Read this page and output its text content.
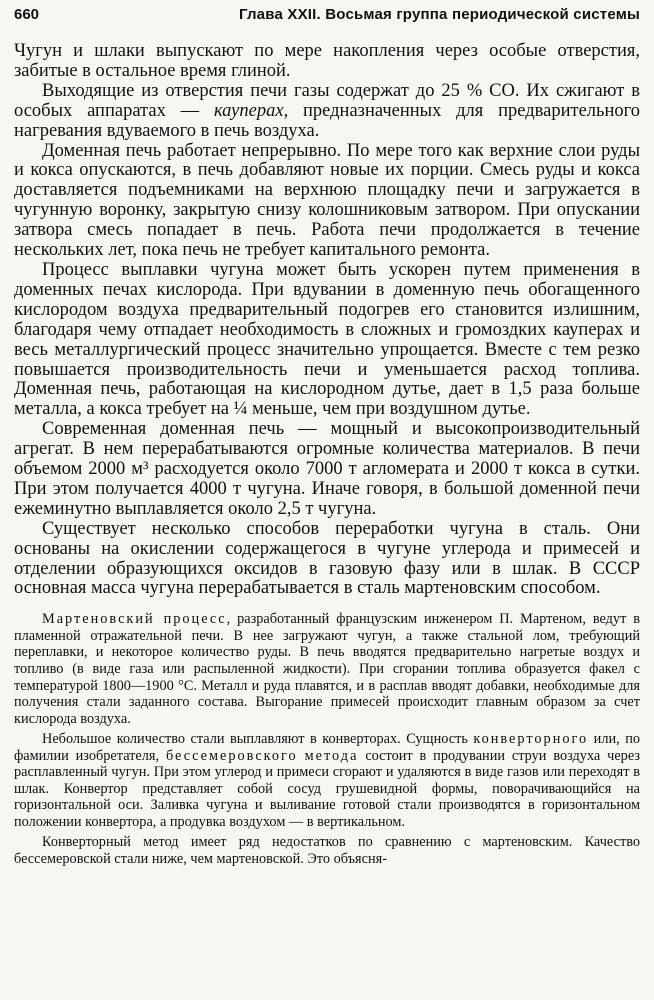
660	Глава XXII. Восьмая группа периодической системы

Чугун и шлаки выпускают по мере накопления через особые отверстия, забитые в остальное время глиной.

Выходящие из отверстия печи газы содержат до 25 % CO. Их сжигают в особых аппаратах — кауперах, предназначенных для предварительного нагревания вдуваемого в печь воздуха.

Доменная печь работает непрерывно. По мере того как верхние слои руды и кокса опускаются, в печь добавляют новые их порции. Смесь руды и кокса доставляется подъемниками на верхнюю площадку печи и загружается в чугунную воронку, закрытую снизу колошниковым затвором. При опускании затвора смесь попадает в печь. Работа печи продолжается в течение нескольких лет, пока печь не требует капитального ремонта.

Процесс выплавки чугуна может быть ускорен путем применения в доменных печах кислорода. При вдувании в доменную печь обогащенного кислородом воздуха предварительный подогрев его становится излишним, благодаря чему отпадает необходимость в сложных и громоздких кауперах и весь металлургический процесс значительно упрощается. Вместе с тем резко повышается производительность печи и уменьшается расход топлива. Доменная печь, работающая на кислородном дутье, дает в 1,5 раза больше металла, а кокса требует на ¼ меньше, чем при воздушном дутье.

Современная доменная печь — мощный и высокопроизводительный агрегат. В нем перерабатываются огромные количества материалов. В печи объемом 2000 м³ расходуется около 7000 т агломерата и 2000 т кокса в сутки. При этом получается 4000 т чугуна. Иначе говоря, в большой доменной печи ежеминутно выплавляется около 2,5 т чугуна.

Существует несколько способов переработки чугуна в сталь. Они основаны на окислении содержащегося в чугуне углерода и примесей и отделении образующихся оксидов в газовую фазу или в шлак. В СССР основная масса чугуна перерабатывается в сталь мартеновским способом.

Мартеновский процесс, разработанный французским инженером П. Мартеном, ведут в пламенной отражательной печи. В нее загружают чугун, а также стальной лом, требующий переплавки, и некоторое количество руды. В печь вводятся предварительно нагретые воздух и топливо (в виде газа или распыленной жидкости). При сгорании топлива образуется факел с температурой 1800—1900 °С. Металл и руда плавятся, и в расплав вводят добавки, необходимые для получения стали заданного состава. Выгорание примесей происходит главным образом за счет кислорода воздуха.

Небольшое количество стали выплавляют в конверторах. Сущность конверторного или, по фамилии изобретателя, бессемеровского метода состоит в продувании струи воздуха через расплавленный чугун. При этом углерод и примеси сгорают и удаляются в виде газов или переходят в шлак. Конвертор представляет собой сосуд грушевидной формы, поворачивающийся на горизонтальной оси. Заливка чугуна и выливание готовой стали производятся в горизонтальном положении конвертора, а продувка воздухом — в вертикальном.

Конверторный метод имеет ряд недостатков по сравнению с мартеновским. Качество бессемеровской стали ниже, чем мартеновской. Это объясня-
